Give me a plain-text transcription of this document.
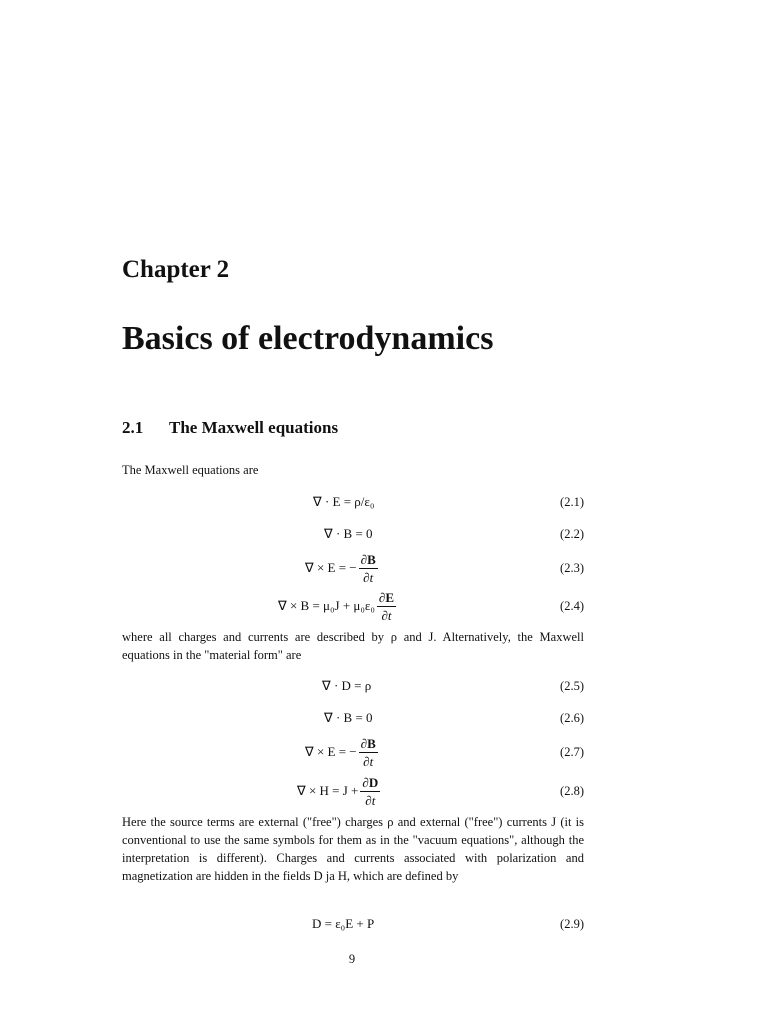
Chapter 2
Basics of electrodynamics
2.1 The Maxwell equations
The Maxwell equations are
∇ · E = ρ/ε₀	(2.1)
∇ · B = 0	(2.2)
∇ × E = − $\frac{\partial B}{\partial t}$	(2.3)
∇ × $B = \mu_0J + \mu_0\varepsilon_0 \frac{\partial E}{\partial t}$	(2.4)
where all charges and currents are described by ρ and J. Alternatively, the Maxwell equations in the "material form" are
∇ · D = ρ	(2.5)
∇ · B = 0	(2.6)
∇ × E = − $\frac{\partial B}{\partial t}$	(2.7)
∇ × $H = J + \frac{\partial D}{\partial t}$	(2.8)
Here the source terms are external ("free") charges ρ and external ("free") currents J (it is conventional to use the same symbols for them as in the "vacuum equations", although the interpretation is different). Charges and currents associated with polarization and magnetization are hidden in the fields D ja H, which are defined by
D = ε₀E + P	(2.9)
9
